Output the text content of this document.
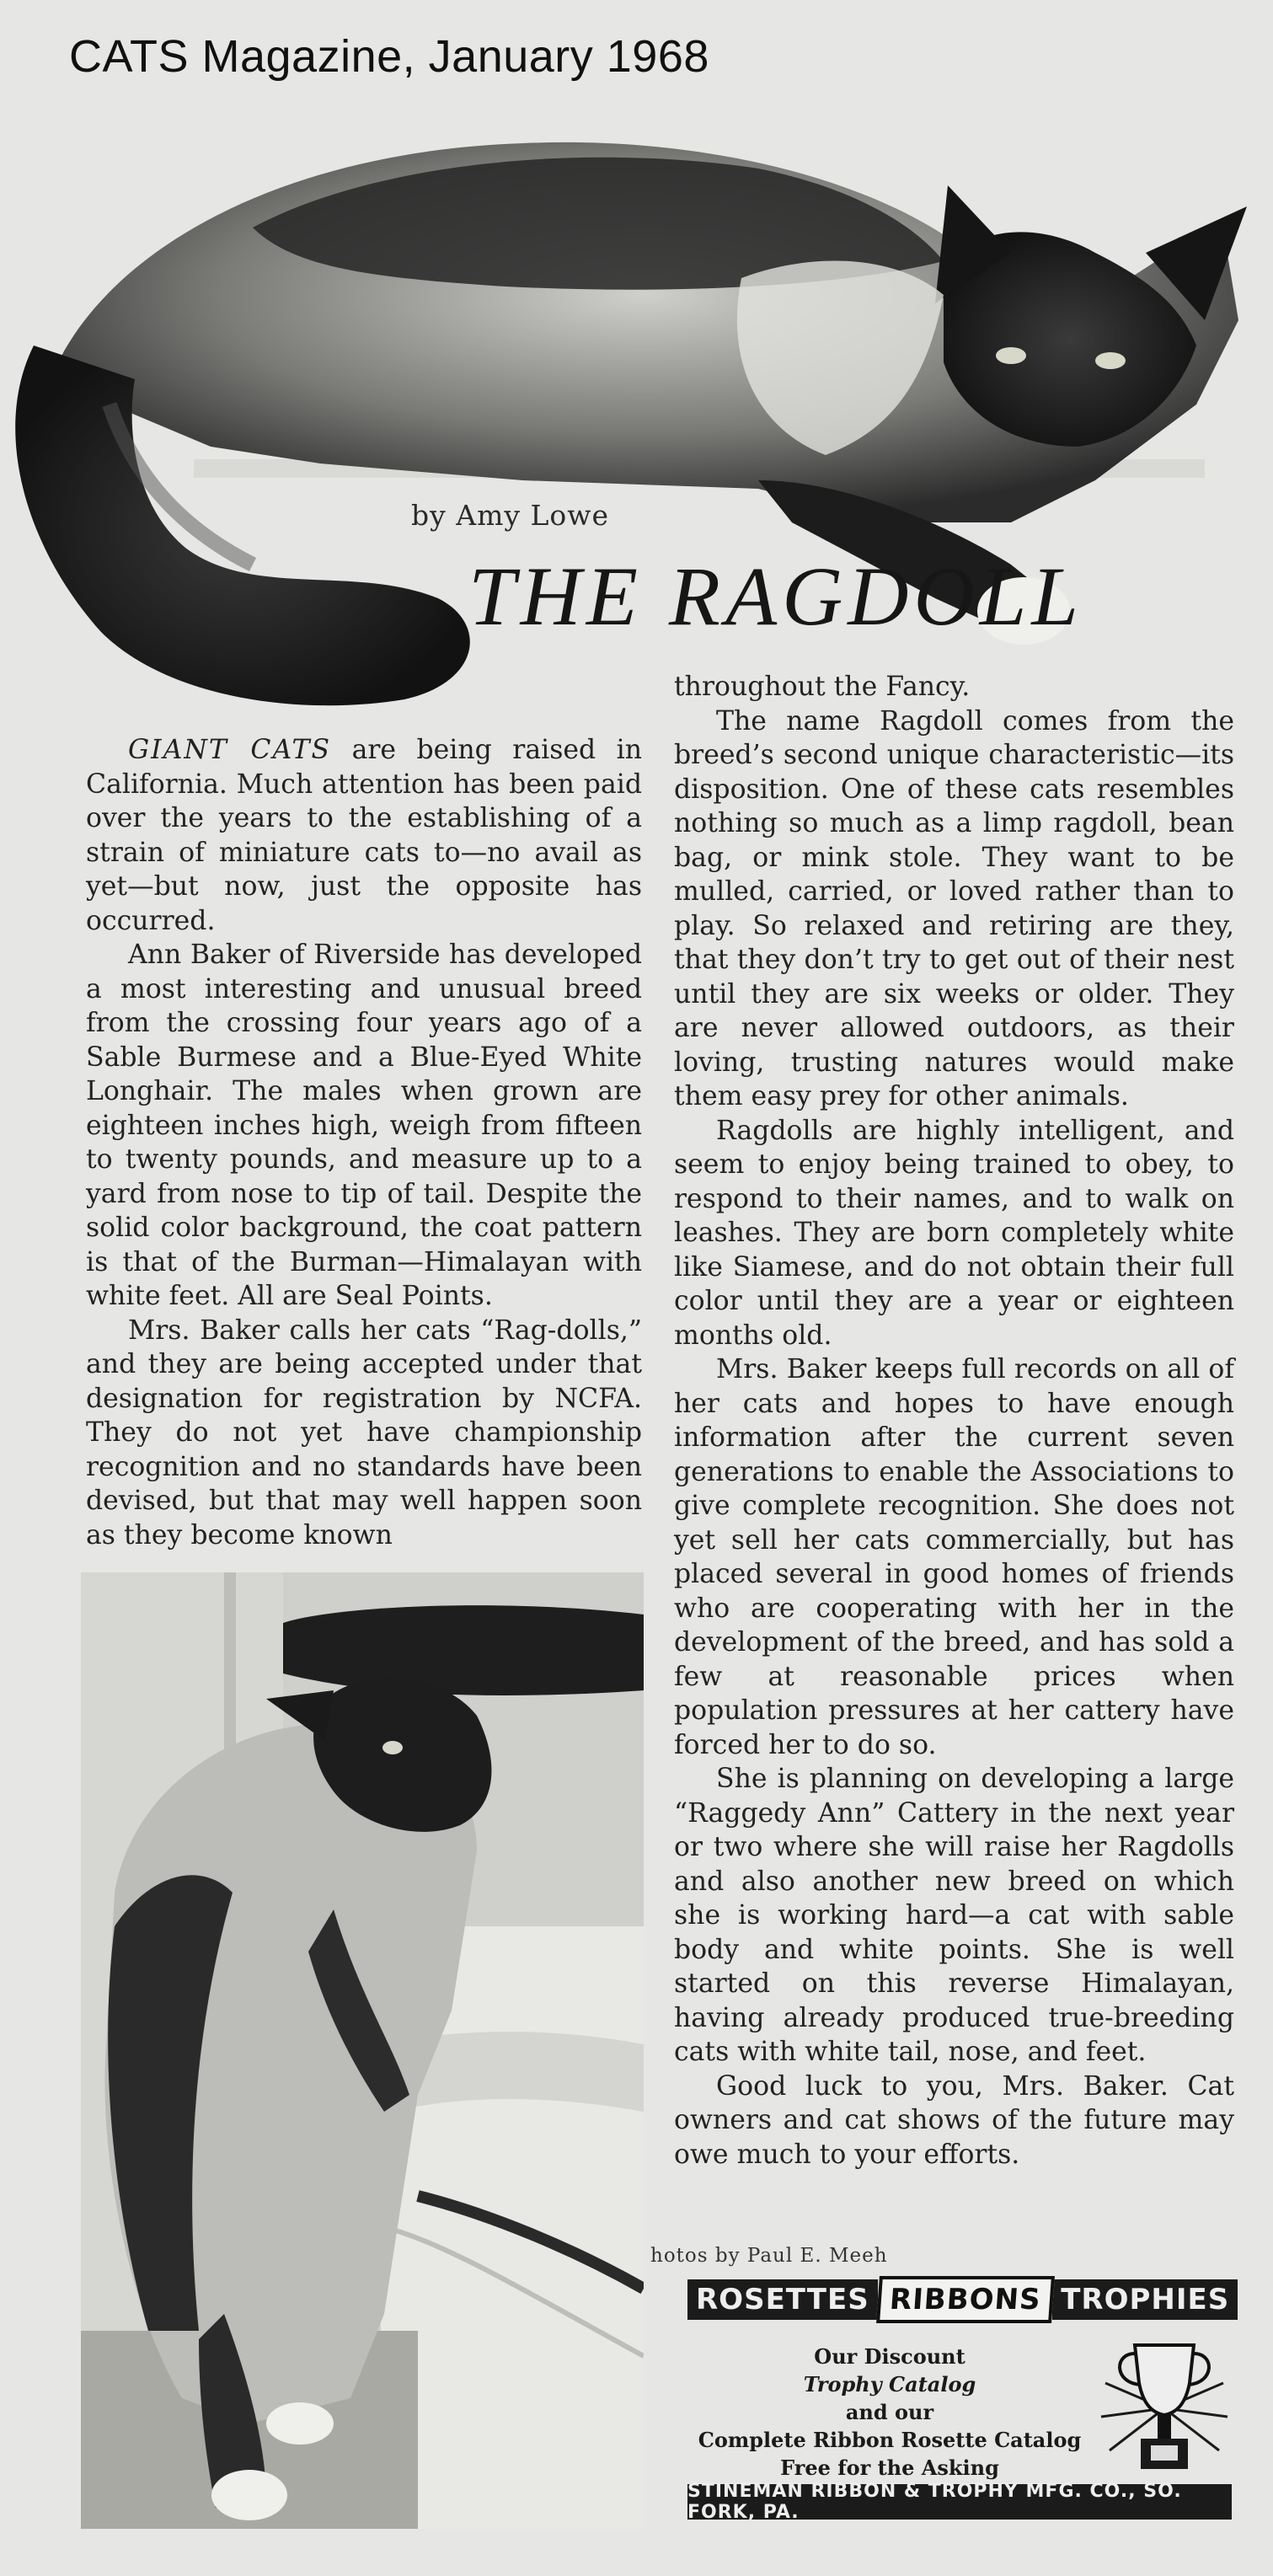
CATS Magazine, January 1968
by Amy Lowe
THE RAGDOLL

GIANT CATS are being raised in California. Much attention has been paid over the years to the establishing of a strain of miniature cats to—no avail as yet—but now, just the opposite has occurred.

Ann Baker of Riverside has developed a most interesting and unusual breed from the crossing four years ago of a Sable Burmese and a Blue-Eyed White Longhair. The males when grown are eighteen inches high, weigh from fifteen to twenty pounds, and measure up to a yard from nose to tip of tail. Despite the solid color background, the coat pattern is that of the Burman—Himalayan with white feet. All are Seal Points.

Mrs. Baker calls her cats “Rag-dolls,” and they are being accepted under that designation for registration by NCFA. They do not yet have championship recognition and no standards have been devised, but that may well happen soon as they become known

throughout the Fancy.

The name Ragdoll comes from the breed’s second unique characteristic—its disposition. One of these cats resembles nothing so much as a limp ragdoll, bean bag, or mink stole. They want to be mulled, carried, or loved rather than to play. So relaxed and retiring are they, that they don’t try to get out of their nest until they are six weeks or older. They are never allowed outdoors, as their loving, trusting natures would make them easy prey for other animals.

Ragdolls are highly intelligent, and seem to enjoy being trained to obey, to respond to their names, and to walk on leashes. They are born completely white like Siamese, and do not obtain their full color until they are a year or eighteen months old.

Mrs. Baker keeps full records on all of her cats and hopes to have enough information after the current seven generations to enable the Associations to give complete recognition. She does not yet sell her cats commercially, but has placed several in good homes of friends who are cooperating with her in the development of the breed, and has sold a few at reasonable prices when population pressures at her cattery have forced her to do so.

She is planning on developing a large “Raggedy Ann” Cattery in the next year or two where she will raise her Ragdolls and also another new breed on which she is working hard—a cat with sable body and white points. She is well started on this reverse Himalayan, having already produced true-breeding cats with white tail, nose, and feet.

Good luck to you, Mrs. Baker. Cat owners and cat shows of the future may owe much to your efforts.

hotos by Paul E. Meeh
ROSETTES RIBBONS TROPHIES
Our Discount
Trophy Catalog
and our
Complete Ribbon Rosette Catalog
Free for the Asking
STINEMAN RIBBON & TROPHY MFG. CO., SO. FORK, PA.
